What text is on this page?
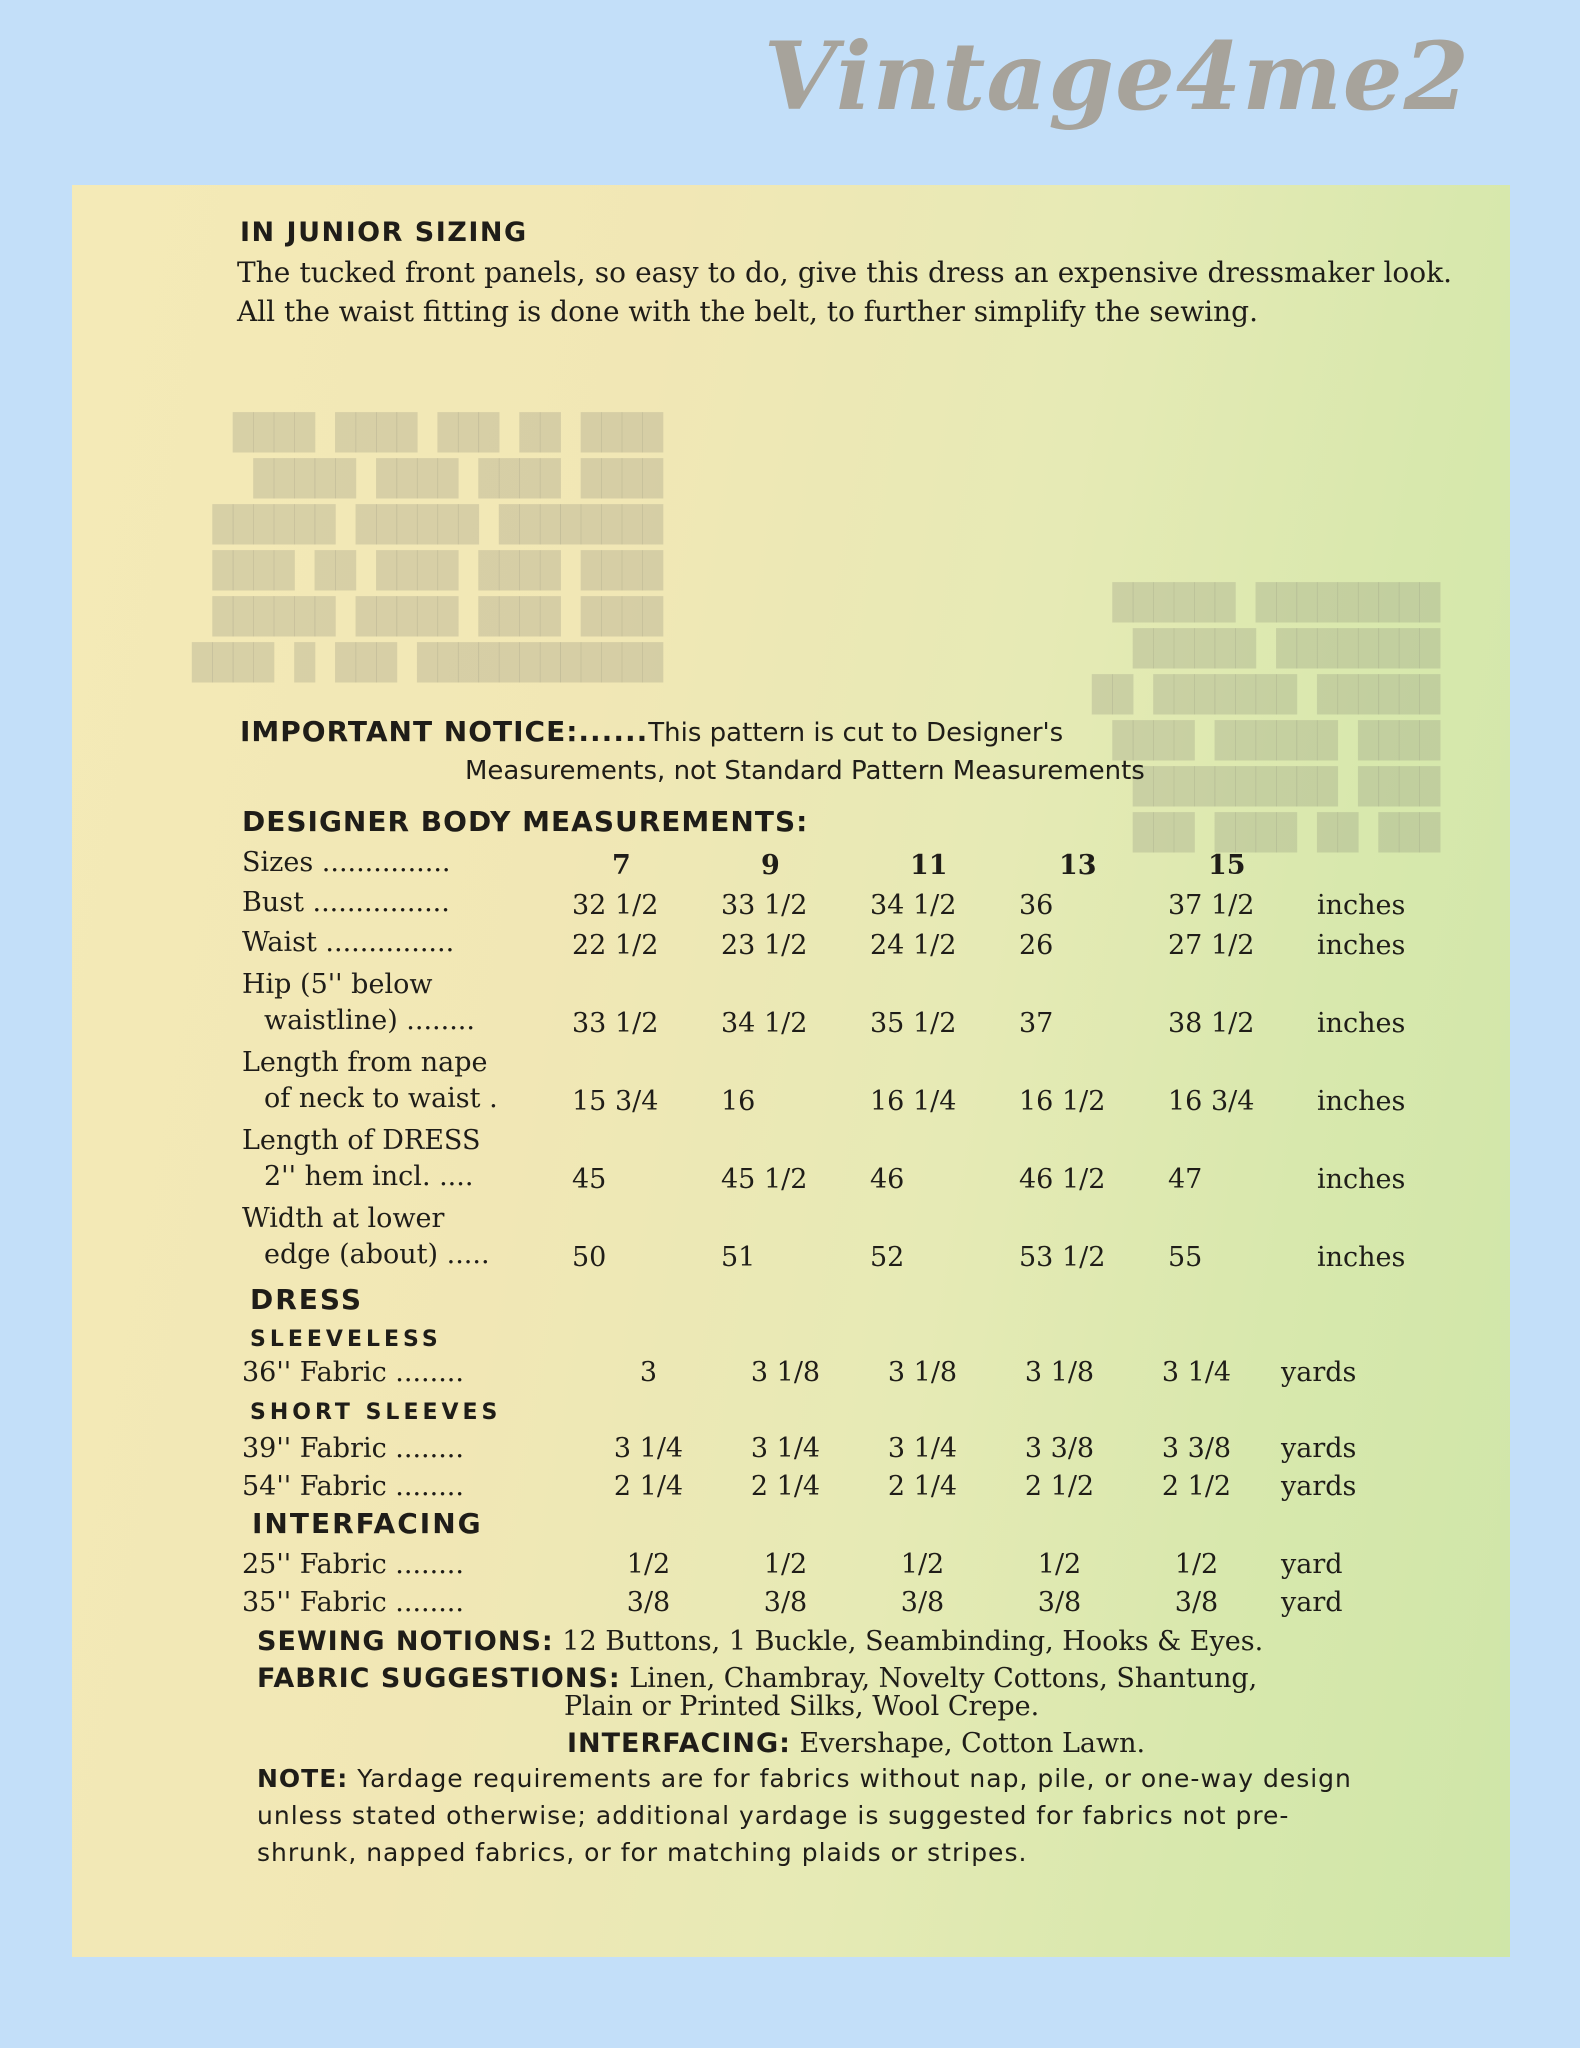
Vintage4me2
████ ██ ███ ████ ████
████ ████ ████ █████
████████ ██████ ██████
████ ████ ████ ██ ████
████ ████ █████ ██████
████████████ ███ █ ████
█████████ ██████
████████ ██████
██████ ███████ ██
████ ██████ ████
████ ██████████
███ ██ ████ ███
IN JUNIOR SIZING
The tucked front panels, so easy to do, give this dress an expensive dressmaker look. All the waist fitting is done with the belt, to further simplify the sewing.
IMPORTANT NOTICE:......This pattern is cut to Designer's
Measurements, not Standard Pattern Measurements
DESIGNER BODY MEASUREMENTS:
Sizes ...............	7	9	11	13	15	
Bust ................	32 1/2	33 1/2	34 1/2	36	37 1/2	inches
Waist ...............	22 1/2	23 1/2	24 1/2	26	27 1/2	inches
Hip (5'' below
waistline) ........	33 1/2	34 1/2	35 1/2	37	38 1/2	inches
Length from nape
of neck to waist .	15 3/4	16	16 1/4	16 1/2	16 3/4	inches
Length of DRESS
2'' hem incl. ....	45	45 1/2	46	46 1/2	47	inches
Width at lower
edge (about) .....	50	51	52	53 1/2	55	inches
DRESS
SLEEVELESS
36'' Fabric ........	3	3 1/8	3 1/8	3 1/8	3 1/4	yards
SHORT SLEEVES
39'' Fabric ........	3 1/4	3 1/4	3 1/4	3 3/8	3 3/8	yards
54'' Fabric ........	2 1/4	2 1/4	2 1/4	2 1/2	2 1/2	yards
INTERFACING
25'' Fabric ........	1/2	1/2	1/2	1/2	1/2	yard
35'' Fabric ........	3/8	3/8	3/8	3/8	3/8	yard
SEWING NOTIONS: 12 Buttons, 1 Buckle, Seambinding, Hooks & Eyes.
FABRIC SUGGESTIONS: Linen, Chambray, Novelty Cottons, Shantung,
Plain or Printed Silks, Wool Crepe.
INTERFACING: Evershape, Cotton Lawn.
NOTE: Yardage requirements are for fabrics without nap, pile, or one-way design unless stated otherwise; additional yardage is suggested for fabrics not pre-shrunk, napped fabrics, or for matching plaids or stripes.
